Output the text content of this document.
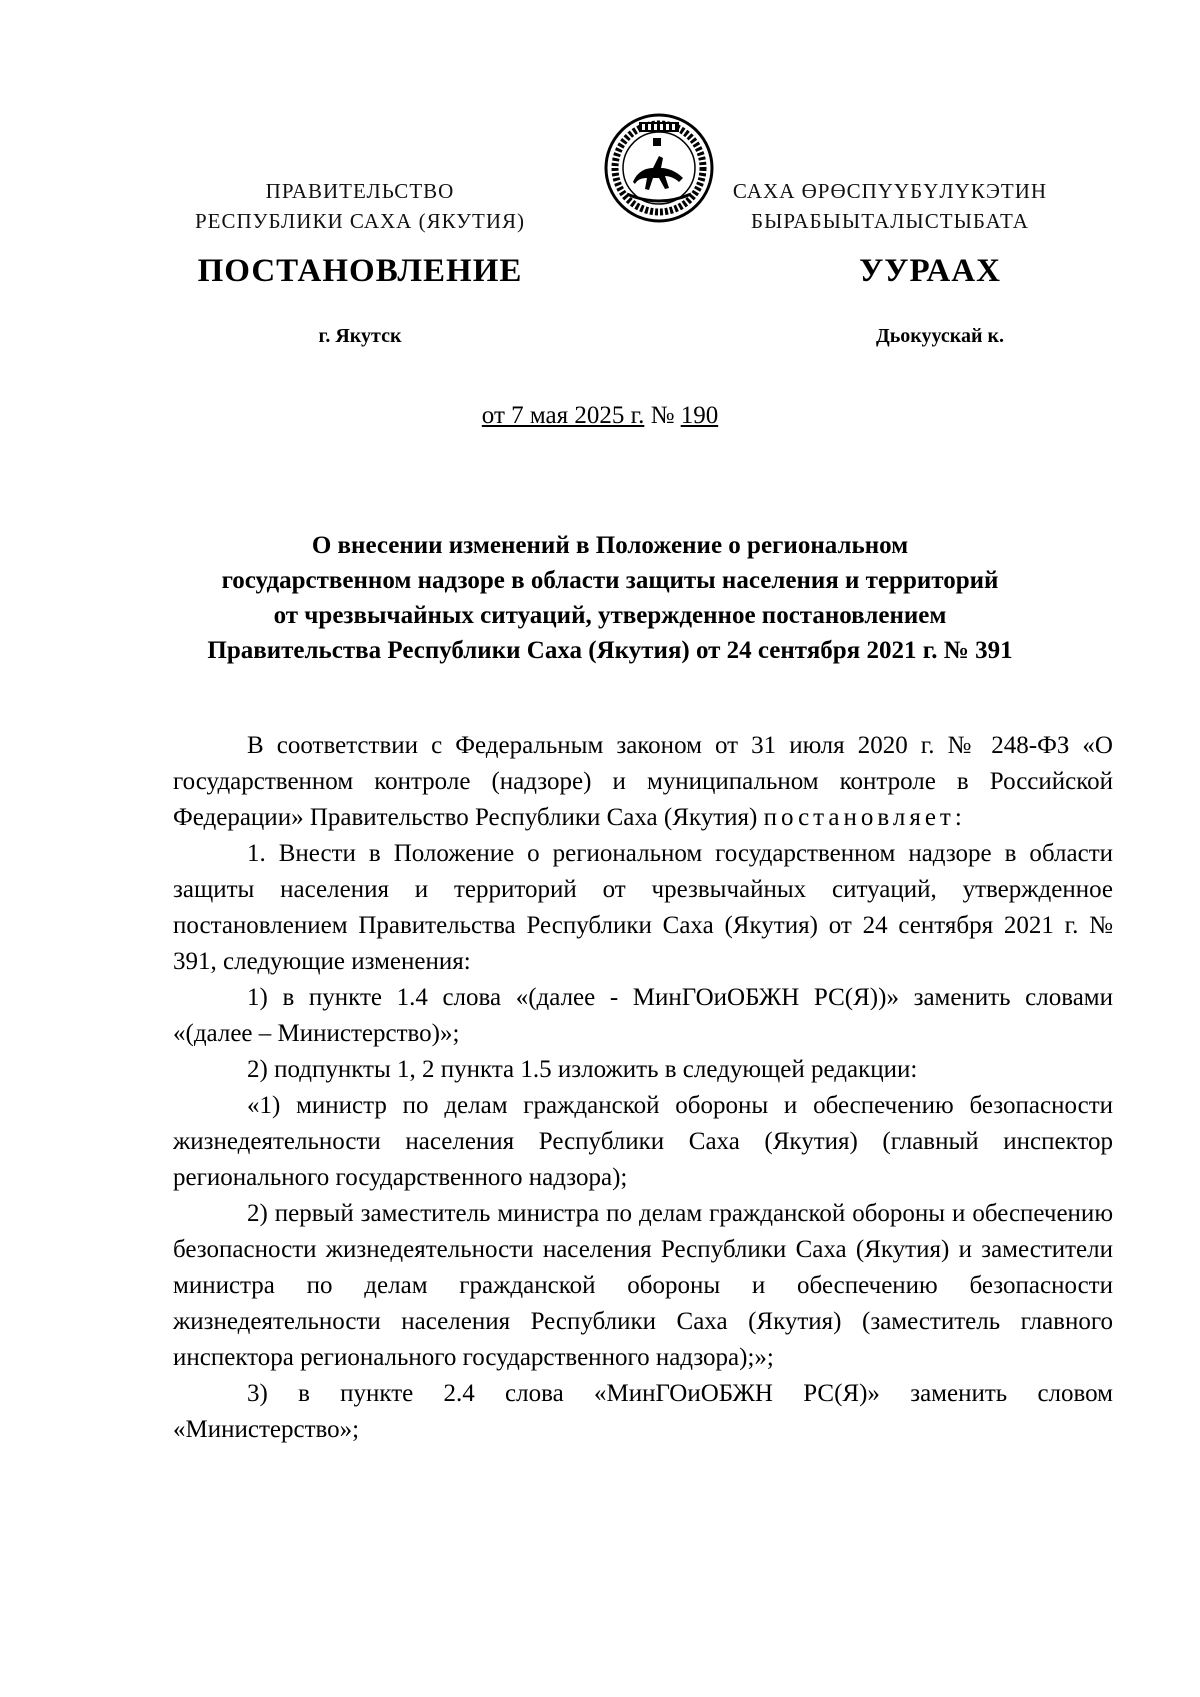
ПРАВИТЕЛЬСТВО
РЕСПУБЛИКИ САХА (ЯКУТИЯ)
САХА ӨРӨСПҮҮБҮЛҮКЭТИН
БЫРАБЫЫТАЛЫСТЫБАТА
ПОСТАНОВЛЕНИЕ	УУРААХ
г. Якутск	Дьокуускай к.
от 7 мая 2025 г. № 190
О внесении изменений в Положение о региональном
государственном надзоре в области защиты населения и территорий
от чрезвычайных ситуаций, утвержденное постановлением
Правительства Республики Саха (Якутия) от 24 сентября 2021 г. № 391

В соответствии с Федеральным законом от 31 июля 2020 г. № 248-ФЗ «О государственном контроле (надзоре) и муниципальном контроле в Российской Федерации» Правительство Республики Саха (Якутия) постановляет:

1. Внести в Положение о региональном государственном надзоре в области защиты населения и территорий от чрезвычайных ситуаций, утвержденное постановлением Правительства Республики Саха (Якутия) от 24 сентября 2021 г. № 391, следующие изменения:

1) в пункте 1.4 слова «(далее - МинГОиОБЖН РС(Я))» заменить словами «(далее – Министерство)»;

2) подпункты 1, 2 пункта 1.5 изложить в следующей редакции:

«1) министр по делам гражданской обороны и обеспечению безопасности жизнедеятельности населения Республики Саха (Якутия) (главный инспектор регионального государственного надзора);

2) первый заместитель министра по делам гражданской обороны и обеспечению безопасности жизнедеятельности населения Республики Саха (Якутия) и заместители министра по делам гражданской обороны и обеспечению безопасности жизнедеятельности населения Республики Саха (Якутия) (заместитель главного инспектора регионального государственного надзора);»;

3) в пункте 2.4 слова «МинГОиОБЖН РС(Я)» заменить словом «Министерство»;
